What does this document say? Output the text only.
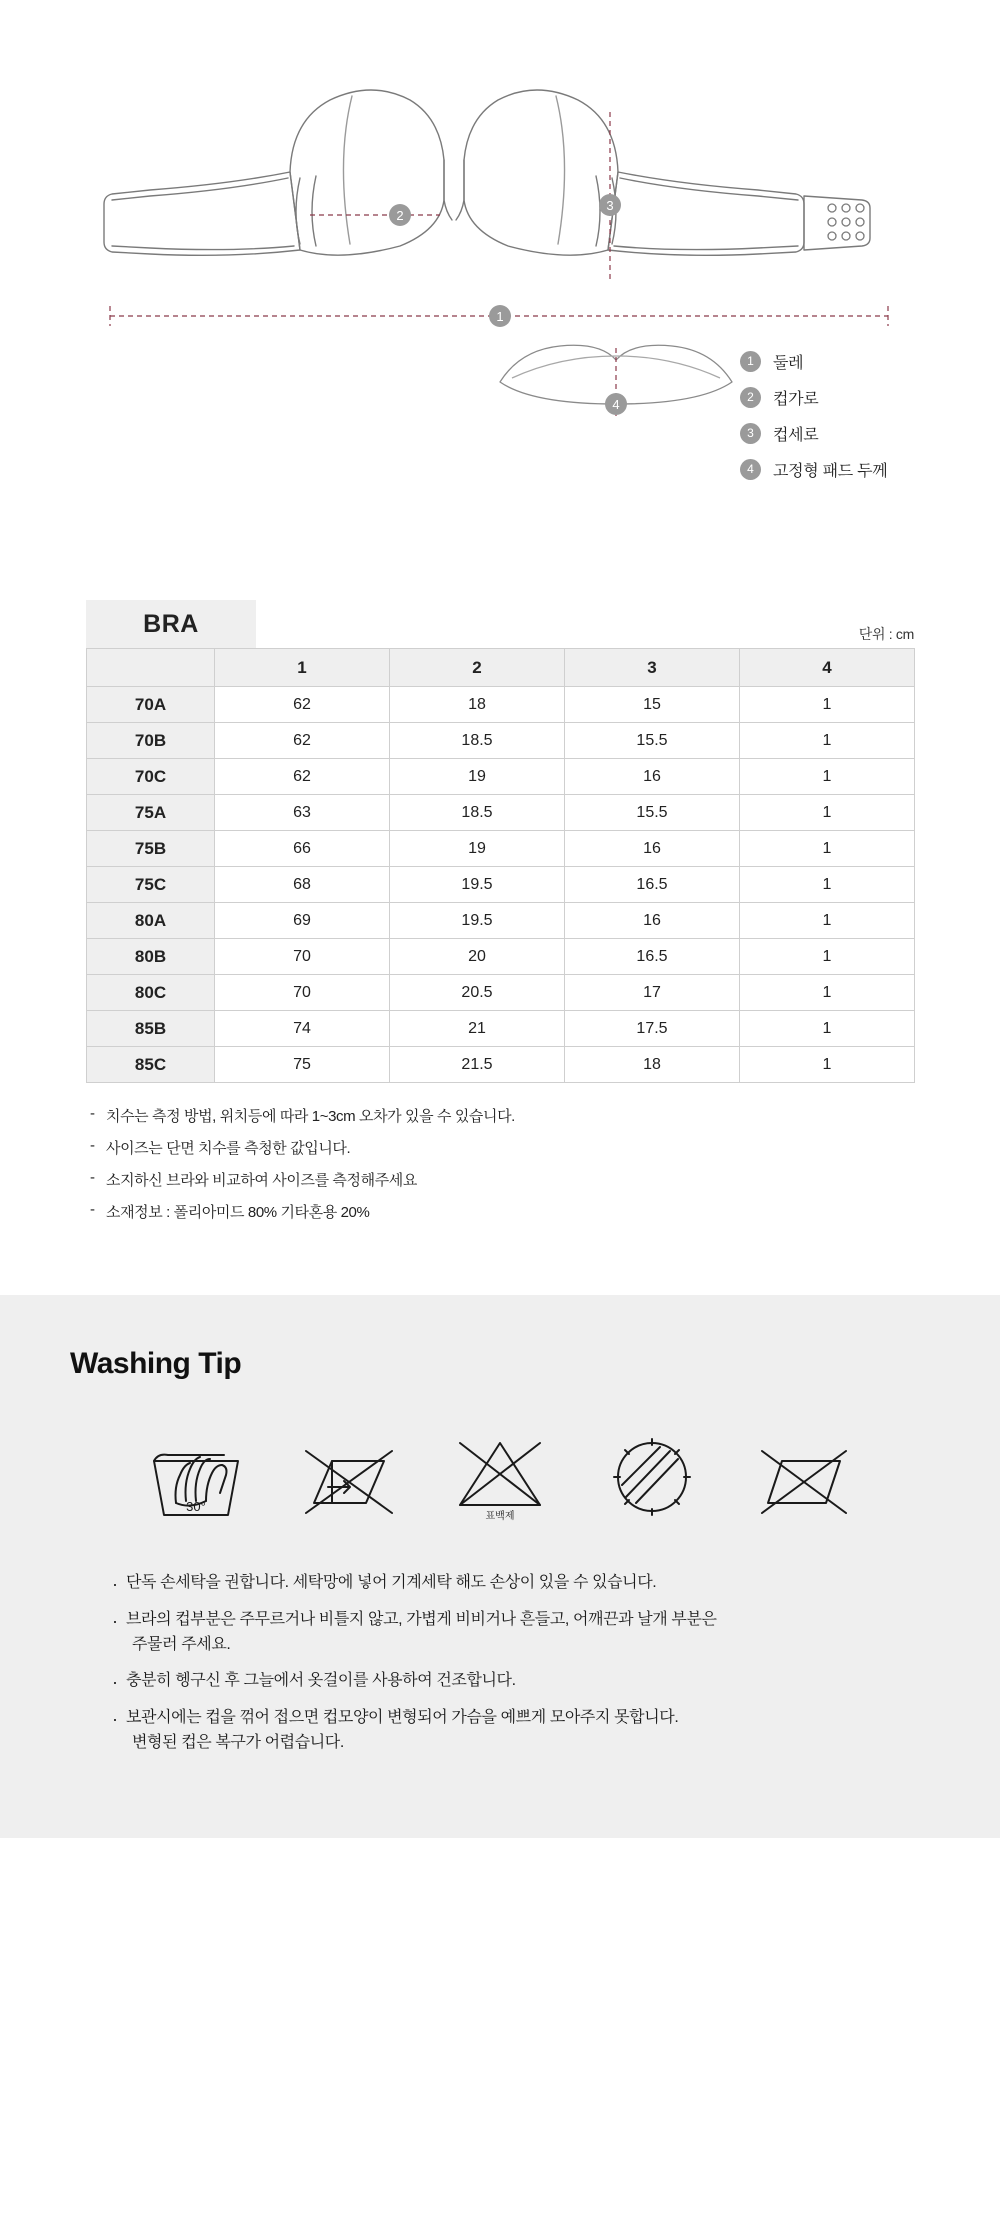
2
3
1
4
1	둘레
2	컵가로
3	컵세로
4	고정형 패드 두께
BRA	단위 : cm
	1	2	3	4
70A	62	18	15	1
70B	62	18.5	15.5	1
70C	62	19	16	1
75A	63	18.5	15.5	1
75B	66	19	16	1
75C	68	19.5	16.5	1
80A	69	19.5	16	1
80B	70	20	16.5	1
80C	70	20.5	17	1
85B	74	21	17.5	1
85C	75	21.5	18	1
- 치수는 측정 방법, 위치등에 따라 1~3cm 오차가 있을 수 있습니다.
- 사이즈는 단면 치수를 측청한 값입니다.
- 소지하신 브라와 비교하여 사이즈를 측정해주세요
- 소재정보 : 폴리아미드 80% 기타혼용 20%
Washing Tip
30°
표백제
· 단독 손세탁을 권합니다. 세탁망에 넣어 기계세탁 해도 손상이 있을 수 있습니다.
· 브라의 컵부분은 주무르거나 비틀지 않고, 가볍게 비비거나 흔들고, 어깨끈과 날개 부분은
주물러 주세요.
· 충분히 헹구신 후 그늘에서 옷걸이를 사용하여 건조합니다.
· 보관시에는 컵을 꺾어 접으면 컵모양이 변형되어 가슴을 예쁘게 모아주지 못합니다.
변형된 컵은 복구가 어렵습니다.
